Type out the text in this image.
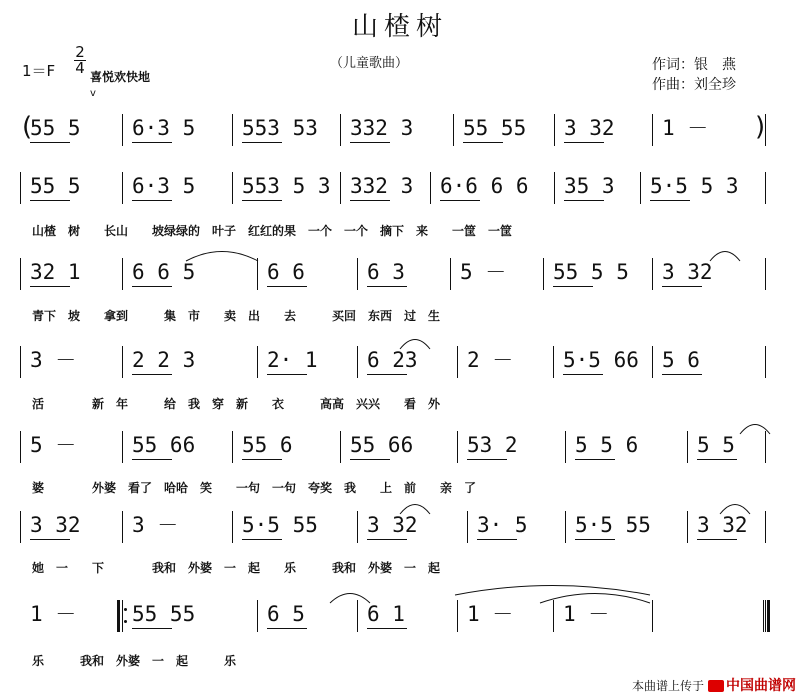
山楂树
（儿童歌曲）
1＝F
2
4 喜悦欢快地
v
作词：银　燕
作曲：刘全珍
55 5	6·3 5	553 53	332 3	55 55	3 32	1 －
55 5	6·3 5	553 5 3 332 3	6·6 6 6	35 3	5·5 5 3
山楂　树　　长山　　坡绿绿的　叶子　红红的果　一个　一个　摘下　来　　一筐　一筐
32 1	6 6 5	6 6	6 3	5 －	55 5 5	3 32
青下　坡　　拿到　　　集　市　　卖　出　　去　　　买回　东西　过　生
3 －	2 2 3	2· 1	6 23	2 －	5·5 66	5 6
活　　　　新　年　　　给　我　穿　新　　衣　　　高高　兴兴　　看　外
5 －	55 66	55 6	55 66	53 2	5 5 6	5 5
婆　　　　外婆　看了　哈哈　笑　　一句　一句　夸奖　我　　上　前　　亲　了
3 32	3 －	5·5 55	3 32	3· 5	5·5 55	3 32
她　一　　下　　　　我和　外婆　一　起　　乐　　　我和　外婆　一　起
1 －	55 55	6 5	6 1	1 －	1 －
乐　　　我和　外婆　一　起　　　乐
(	)
本曲谱上传于 中国曲谱网
